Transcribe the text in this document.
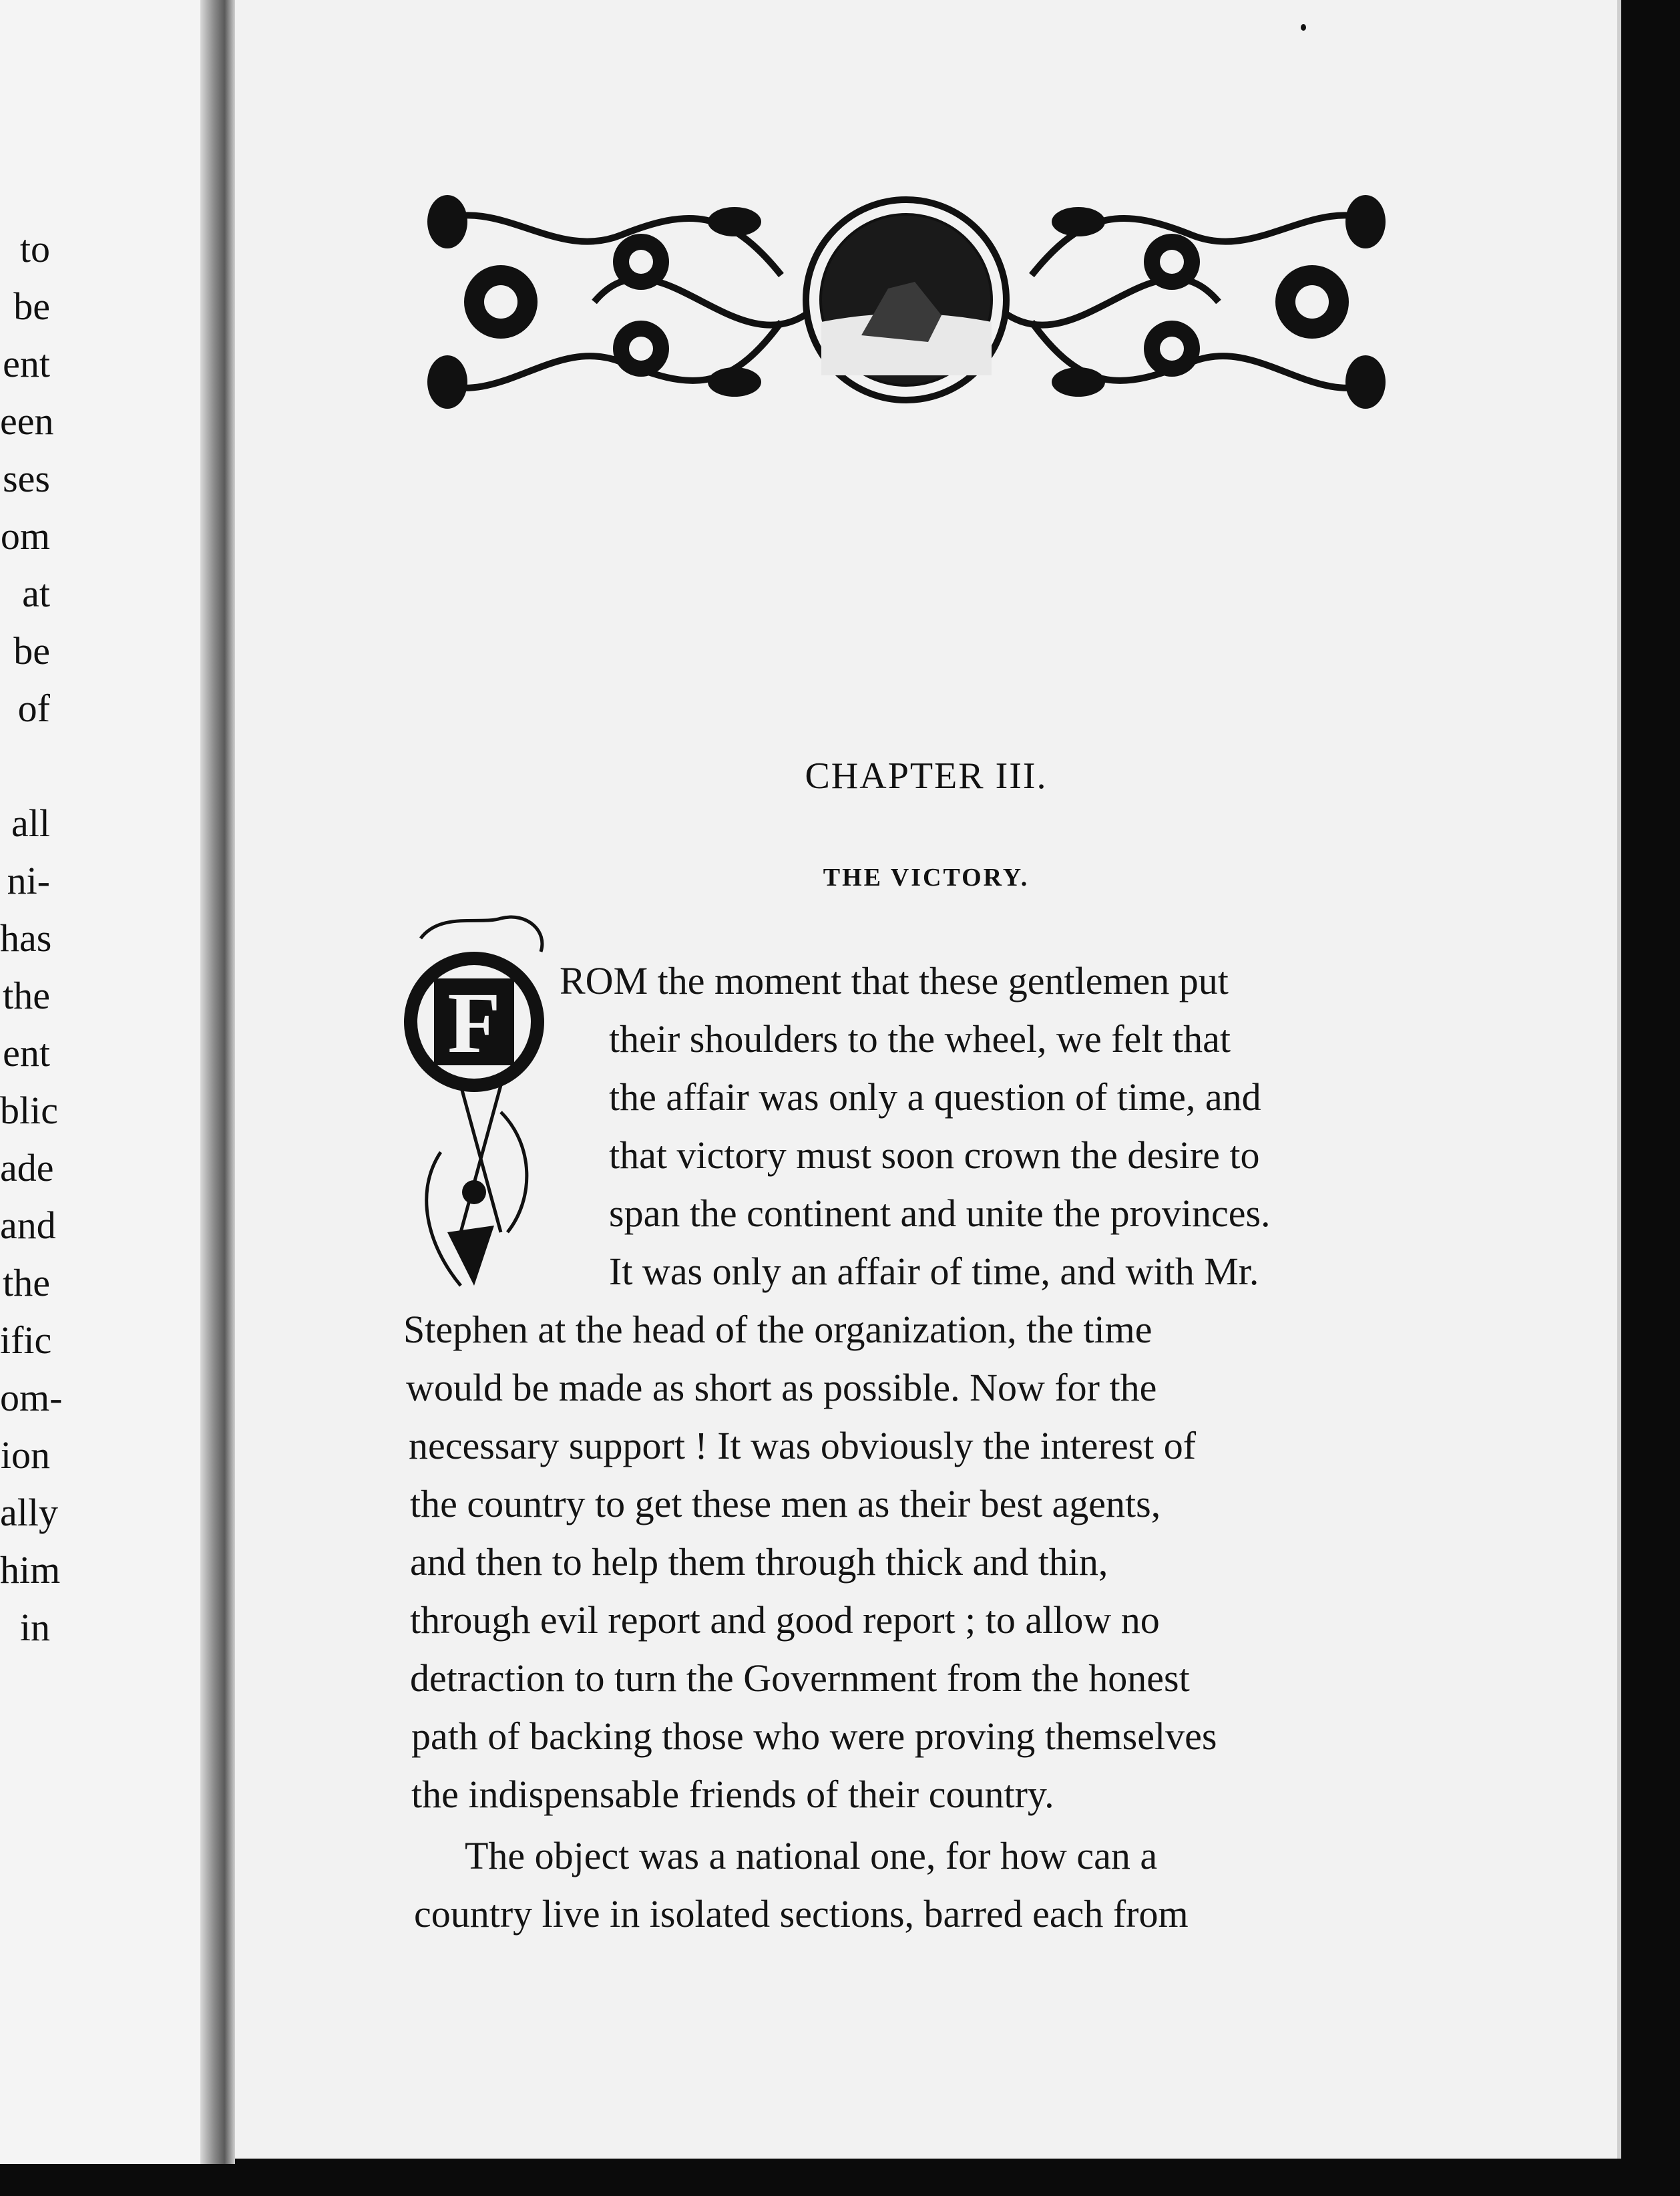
to
be
ent
een
ses
om
at
be
of
all
ni-
has
the
ent
blic
ade
and
the
ific
om-
ion
ally
him
in
CHAPTER III.
THE VICTORY.
F ROM the moment that these gentlemen put
their shoulders to the wheel, we felt that
the affair was only a question of time, and
that victory must soon crown the desire to
span the continent and unite the provinces.
It was only an affair of time, and with Mr.
Stephen at the head of the organization, the time
would be made as short as possible. Now for the
necessary support ! It was obviously the interest of
the country to get these men as their best agents,
and then to help them through thick and thin,
through evil report and good report ; to allow no
detraction to turn the Government from the honest
path of backing those who were proving themselves
the indispensable friends of their country.
The object was a national one, for how can a
country live in isolated sections, barred each from
